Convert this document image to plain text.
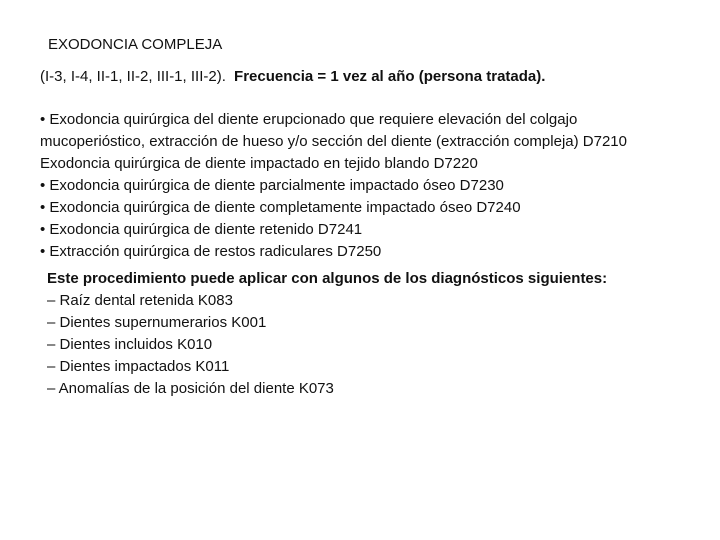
EXODONCIA COMPLEJA
(I-3, I-4, II-1, II-2, III-1, III-2). Frecuencia = 1 vez al año (persona tratada).
• Exodoncia quirúrgica del diente erupcionado que requiere elevación del colgajo
mucoperióstico, extracción de hueso y/o sección del diente (extracción compleja) D7210
Exodoncia quirúrgica de diente impactado en tejido blando D7220
• Exodoncia quirúrgica de diente parcialmente impactado óseo D7230
• Exodoncia quirúrgica de diente completamente impactado óseo D7240
• Exodoncia quirúrgica de diente retenido D7241
• Extracción quirúrgica de restos radiculares D7250
Este procedimiento puede aplicar con algunos de los diagnósticos siguientes:
‒ Raíz dental retenida K083
‒ Dientes supernumerarios K001
‒ Dientes incluidos K010
‒ Dientes impactados K011
‒ Anomalías de la posición del diente K073
